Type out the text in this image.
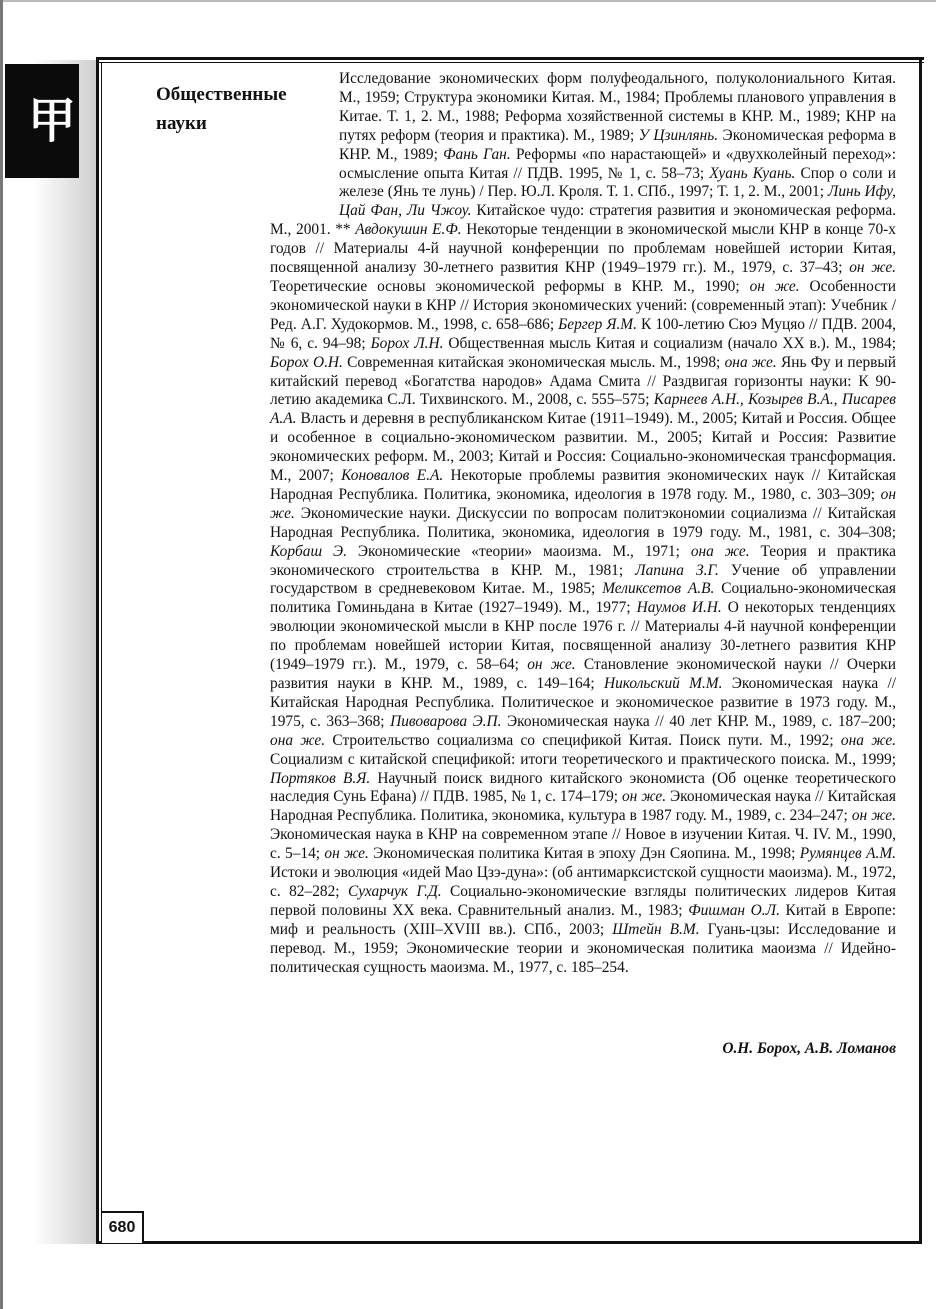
甲	Общественные
науки

Исследование экономических форм полуфеодального, полуколониального Китая. М., 1959; Структура экономики Китая. М., 1984; Проблемы планового управления в Китае. Т. 1, 2. М., 1988; Реформа хозяйственной системы в КНР. М., 1989; КНР на путях реформ (теория и практика). М., 1989; У Цзинлянь. Экономическая реформа в КНР. М., 1989; Фань Ган. Реформы «по нарастающей» и «двухколейный переход»: осмысление опыта Китая // ПДВ. 1995, № 1, с. 58–73; Хуань Куань. Спор о соли и железе (Янь те лунь) / Пер. Ю.Л. Кроля. Т. 1. СПб., 1997; Т. 1, 2. М., 2001; Линь Ифу, Цай Фан, Ли Чжоу. Китайское чудо: стратегия развития и экономическая реформа. М., 2001. ** Авдокушин Е.Ф. Некоторые тенденции в экономической мысли КНР в конце 70-х годов // Материалы 4-й научной конференции по проблемам новейшей истории Китая, посвященной анализу 30-летнего развития КНР (1949–1979 гг.). М., 1979, с. 37–43; он же. Теоретические основы экономической реформы в КНР. М., 1990; он же. Особенности экономической науки в КНР // История экономических учений: (современный этап): Учебник / Ред. А.Г. Худокормов. М., 1998, с. 658–686; Бергер Я.М. К 100-летию Сюэ Муцяо // ПДВ. 2004, № 6, с. 94–98; Борох Л.Н. Общественная мысль Китая и социализм (начало XX в.). М., 1984; Борох О.Н. Современная китайская экономическая мысль. М., 1998; она же. Янь Фу и первый китайский перевод «Богатства народов» Адама Смита // Раздвигая горизонты науки: К 90-летию академика С.Л. Тихвинского. М., 2008, с. 555–575; Карнеев А.Н., Козырев В.А., Писарев А.А. Власть и деревня в республиканском Китае (1911–1949). М., 2005; Китай и Россия. Общее и особенное в социально-экономическом развитии. М., 2005; Китай и Россия: Развитие экономических реформ. М., 2003; Китай и Россия: Социально-экономическая трансформация. М., 2007; Коновалов Е.А. Некоторые проблемы развития экономических наук // Китайская Народная Республика. Политика, экономика, идеология в 1978 году. М., 1980, с. 303–309; он же. Экономические науки. Дискуссии по вопросам политэкономии социализма // Китайская Народная Республика. Политика, экономика, идеология в 1979 году. М., 1981, с. 304–308; Корбаш Э. Экономические «теории» маоизма. М., 1971; она же. Теория и практика экономического строительства в КНР. М., 1981; Лапина З.Г. Учение об управлении государством в средневековом Китае. М., 1985; Меликсетов А.В. Социально-экономическая политика Гоминьдана в Китае (1927–1949). М., 1977; Наумов И.Н. О некоторых тенденциях эволюции экономической мысли в КНР после 1976 г. // Материалы 4-й научной конференции по проблемам новейшей истории Китая, посвященной анализу 30-летнего развития КНР (1949–1979 гг.). М., 1979, с. 58–64; он же. Становление экономической науки // Очерки развития науки в КНР. М., 1989, с. 149–164; Никольский М.М. Экономическая наука // Китайская Народная Республика. Политическое и экономическое развитие в 1973 году. М., 1975, с. 363–368; Пивоварова Э.П. Экономическая наука // 40 лет КНР. М., 1989, с. 187–200; она же. Строительство социализма со спецификой Китая. Поиск пути. М., 1992; она же. Социализм с китайской спецификой: итоги теоретического и практического поиска. М., 1999; Портяков В.Я. Научный поиск видного китайского экономиста (Об оценке теоретического наследия Сунь Ефана) // ПДВ. 1985, № 1, с. 174–179; он же. Экономическая наука // Китайская Народная Республика. Политика, экономика, культура в 1987 году. М., 1989, с. 234–247; он же. Экономическая наука в КНР на современном этапе // Новое в изучении Китая. Ч. IV. М., 1990, с. 5–14; он же. Экономическая политика Китая в эпоху Дэн Сяопина. М., 1998; Румянцев А.М. Истоки и эволюция «идей Мао Цзэ-дуна»: (об антимарксистской сущности маоизма). М., 1972, с. 82–282; Сухарчук Г.Д. Социально-экономические взгляды политических лидеров Китая первой половины XX века. Сравнительный анализ. М., 1983; Фишман О.Л. Китай в Европе: миф и реальность (XIII–XVIII вв.). СПб., 2003; Штейн В.М. Гуань-цзы: Исследование и перевод. М., 1959; Экономические теории и экономическая политика маоизма // Идейно-политическая сущность маоизма. М., 1977, с. 185–254.

О.Н. Борох, А.В. Ломанов
680
